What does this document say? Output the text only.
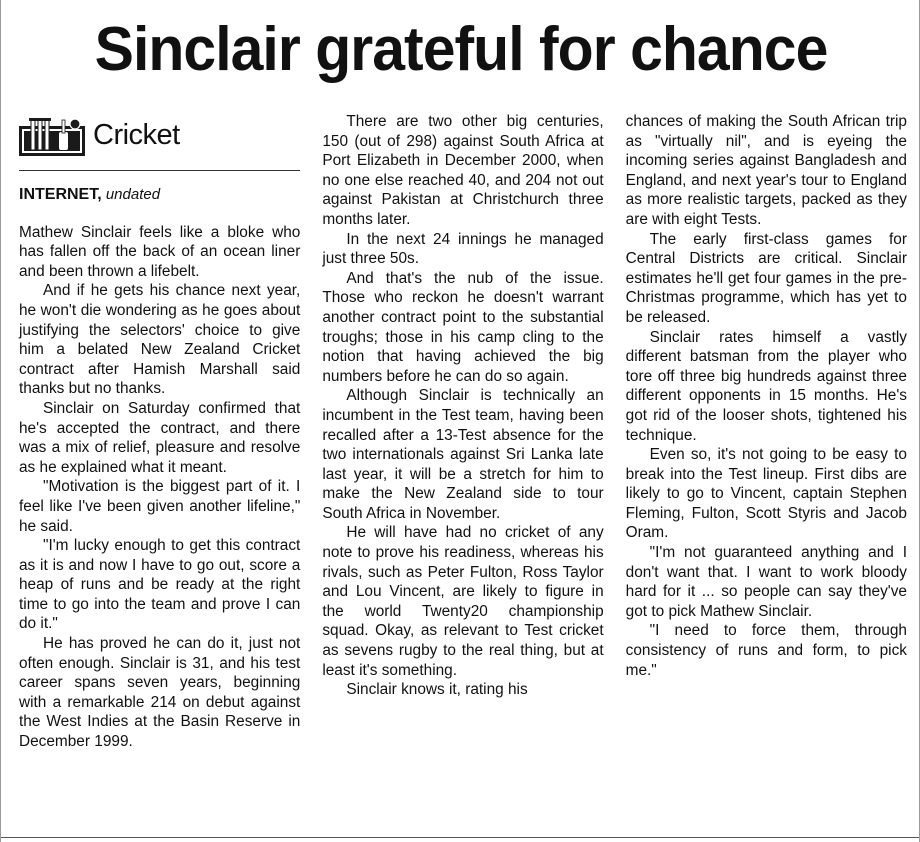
Sinclair grateful for chance
Cricket
INTERNET, undated

Mathew Sinclair feels like a bloke who has fallen off the back of an ocean liner and been thrown a lifebelt.

And if he gets his chance next year, he won't die wondering as he goes about justifying the selectors' choice to give him a belated New Zealand Cricket contract after Hamish Marshall said thanks but no thanks.

Sinclair on Saturday confirmed that he's accepted the contract, and there was a mix of relief, pleasure and resolve as he explained what it meant.

"Motivation is the biggest part of it. I feel like I've been given another lifeline," he said.

"I'm lucky enough to get this contract as it is and now I have to go out, score a heap of runs and be ready at the right time to go into the team and prove I can do it."

He has proved he can do it, just not often enough. Sinclair is 31, and his test career spans seven years, beginning with a remarkable 214 on debut against the West Indies at the Basin Reserve in December 1999.

There are two other big centuries, 150 (out of 298) against South Africa at Port Elizabeth in December 2000, when no one else reached 40, and 204 not out against Pakistan at Christchurch three months later.

In the next 24 innings he managed just three 50s.

And that's the nub of the issue. Those who reckon he doesn't warrant another contract point to the substantial troughs; those in his camp cling to the notion that having achieved the big numbers before he can do so again.

Although Sinclair is technically an incumbent in the Test team, having been recalled after a 13-Test absence for the two internationals against Sri Lanka late last year, it will be a stretch for him to make the New Zealand side to tour South Africa in November.

He will have had no cricket of any note to prove his readiness, whereas his rivals, such as Peter Fulton, Ross Taylor and Lou Vincent, are likely to figure in the world Twenty20 championship squad. Okay, as relevant to Test cricket as sevens rugby to the real thing, but at least it's something.

Sinclair knows it, rating his

chances of making the South African trip as "virtually nil", and is eyeing the incoming series against Bangladesh and England, and next year's tour to England as more realistic targets, packed as they are with eight Tests.

The early first-class games for Central Districts are critical. Sinclair estimates he'll get four games in the pre-Christmas programme, which has yet to be released.

Sinclair rates himself a vastly different batsman from the player who tore off three big hundreds against three different opponents in 15 months. He's got rid of the looser shots, tightened his technique.

Even so, it's not going to be easy to break into the Test lineup. First dibs are likely to go to Vincent, captain Stephen Fleming, Fulton, Scott Styris and Jacob Oram.

"I'm not guaranteed anything and I don't want that. I want to work bloody hard for it ... so people can say they've got to pick Mathew Sinclair.

"I need to force them, through consistency of runs and form, to pick me."
